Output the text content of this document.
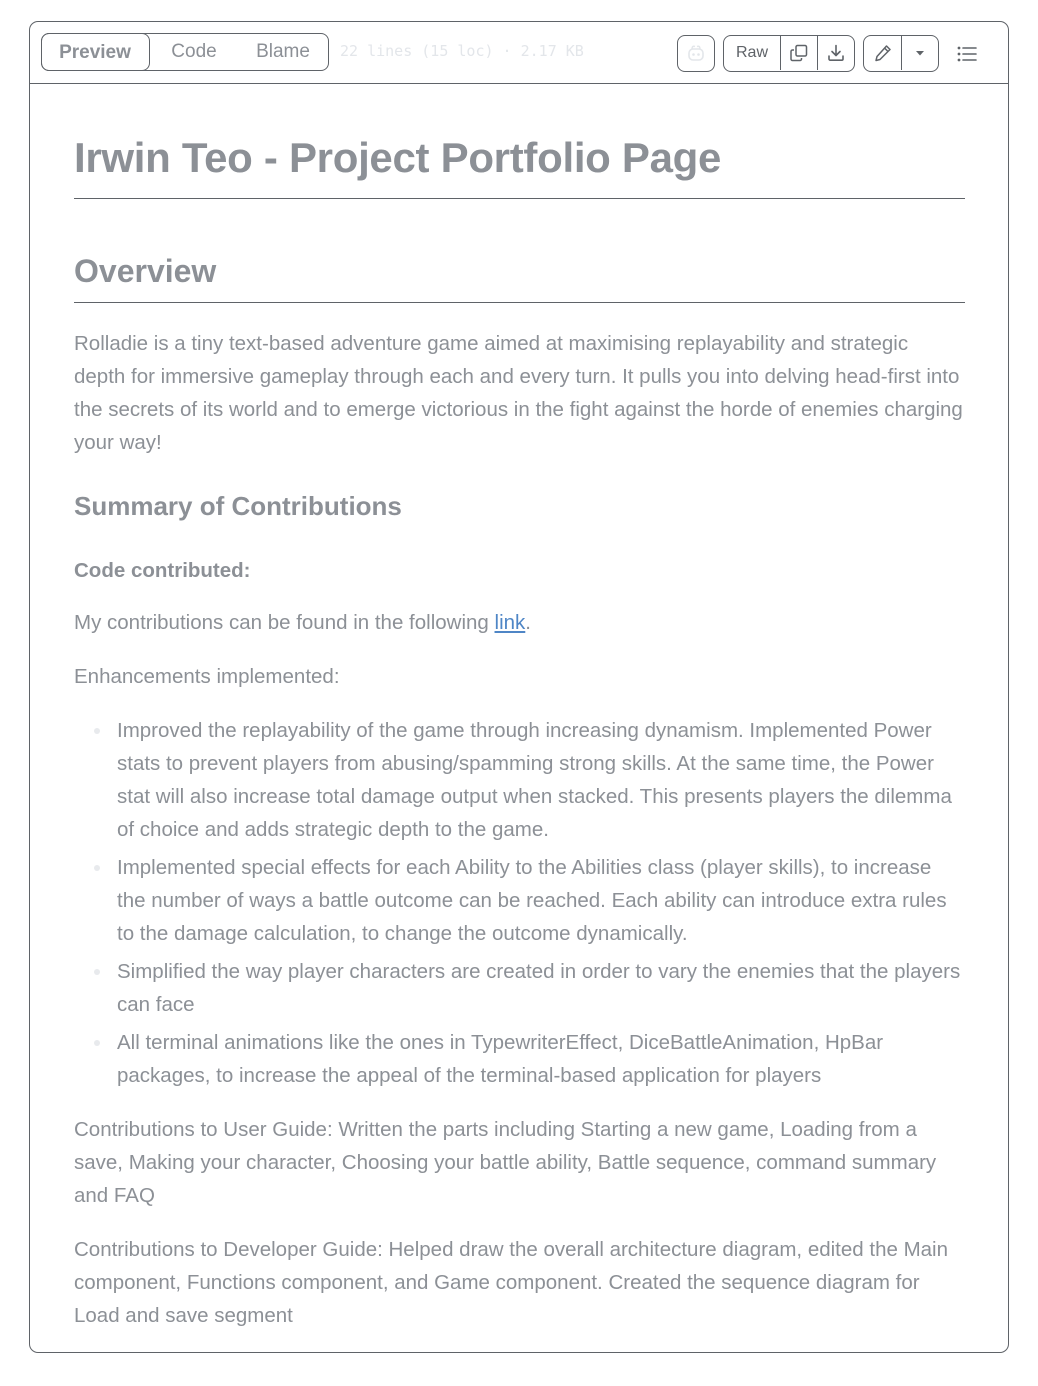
Preview	Code	Blame	22 lines (15 loc) · 2.17 KB	Raw
Irwin Teo - Project Portfolio Page
Overview

Rolladie is a tiny text-based adventure game aimed at maximising replayability and strategic depth for immersive gameplay through each and every turn. It pulls you into delving head-first into the secrets of its world and to emerge victorious in the fight against the horde of enemies charging your way!

Summary of Contributions

Code contributed:

My contributions can be found in the following link.

Enhancements implemented:

Improved the replayability of the game through increasing dynamism. Implemented Power stats to prevent players from abusing/spamming strong skills. At the same time, the Power stat will also increase total damage output when stacked. This presents players the dilemma of choice and adds strategic depth to the game.
Implemented special effects for each Ability to the Abilities class (player skills), to increase the number of ways a battle outcome can be reached. Each ability can introduce extra rules to the damage calculation, to change the outcome dynamically.
Simplified the way player characters are created in order to vary the enemies that the players can face
All terminal animations like the ones in TypewriterEffect, DiceBattleAnimation, HpBar packages, to increase the appeal of the terminal-based application for players

Contributions to User Guide: Written the parts including Starting a new game, Loading from a save, Making your character, Choosing your battle ability, Battle sequence, command summary and FAQ

Contributions to Developer Guide: Helped draw the overall architecture diagram, edited the Main component, Functions component, and Game component. Created the sequence diagram for Load and save segment
